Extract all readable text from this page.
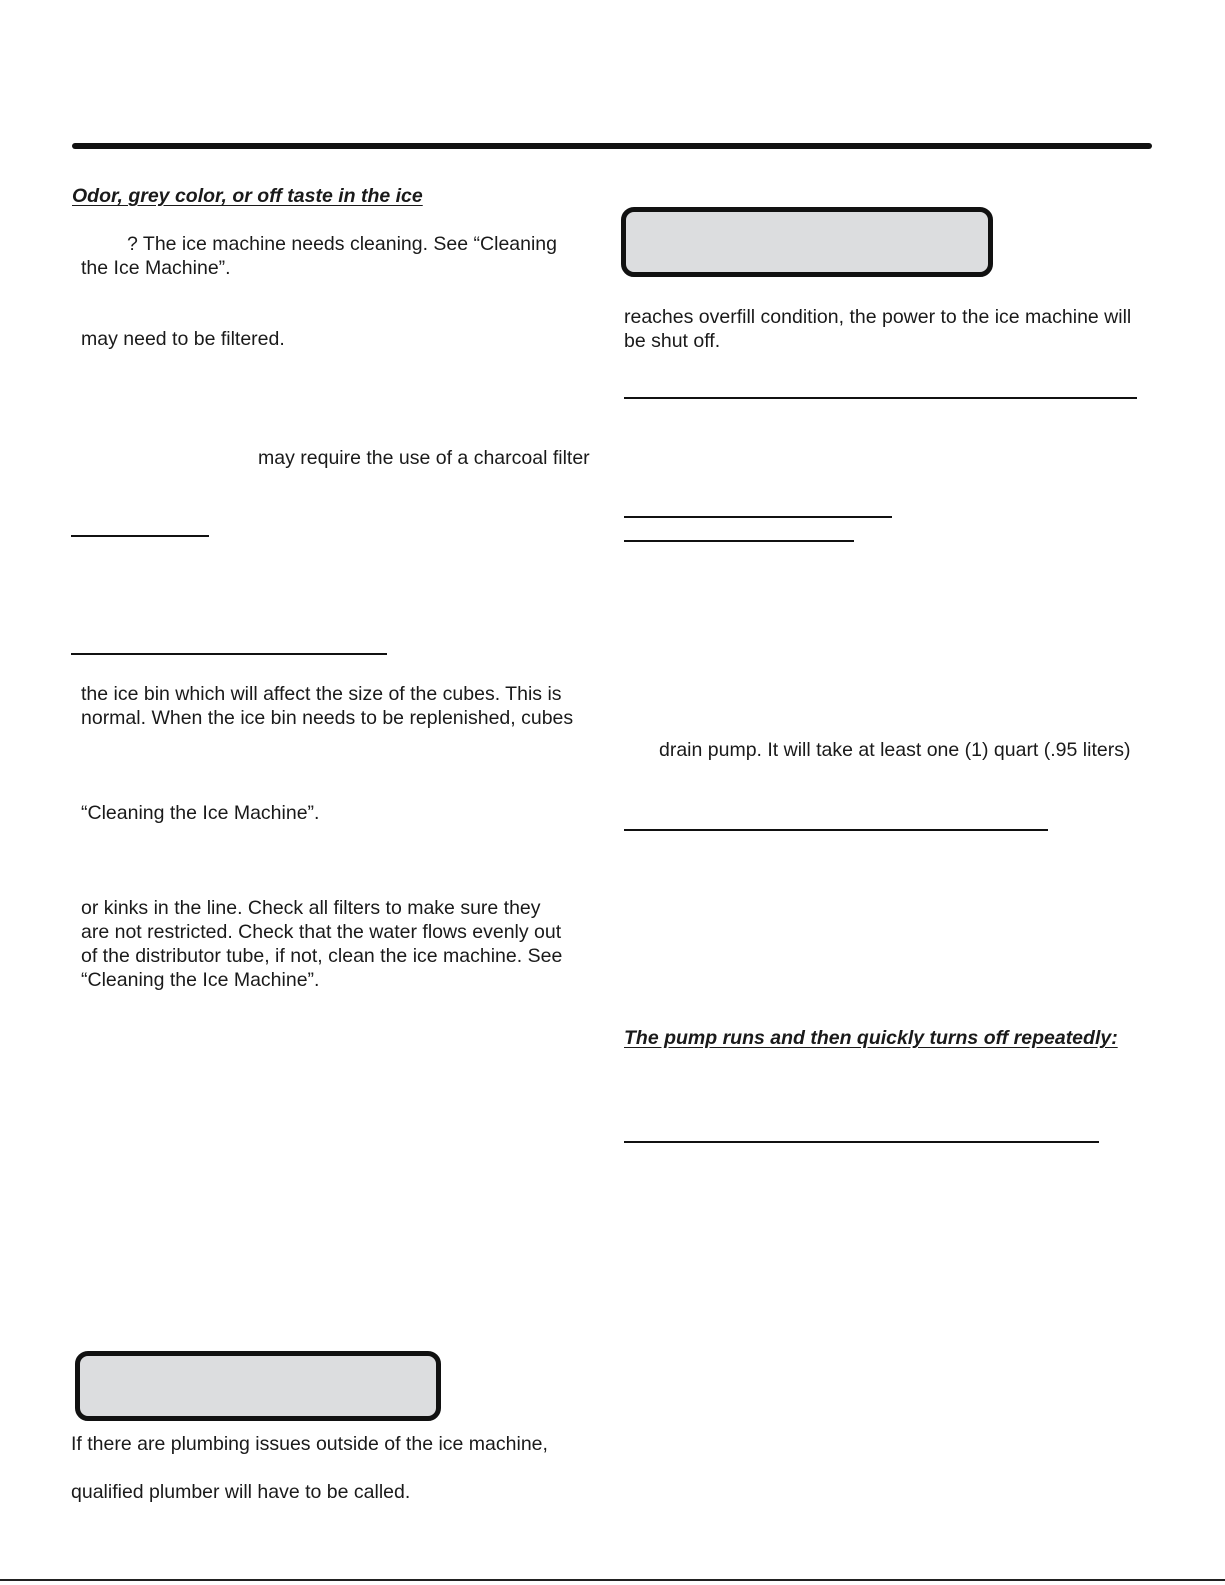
Odor, grey color, or off taste in the ice
? The ice machine needs cleaning. See “Cleaning
the Ice Machine”.
may need to be filtered.
may require the use of a charcoal filter
the ice bin which will affect the size of the cubes. This is
normal. When the ice bin needs to be replenished, cubes
“Cleaning the Ice Machine”.
or kinks in the line. Check all filters to make sure they
are not restricted. Check that the water flows evenly out
of the distributor tube, if not, clean the ice machine. See
“Cleaning the Ice Machine”.
If there are plumbing issues outside of the ice machine,
qualified plumber will have to be called.
reaches overfill condition, the power to the ice machine will
be shut off.
drain pump. It will take at least one (1) quart (.95 liters)
The pump runs and then quickly turns off repeatedly:
